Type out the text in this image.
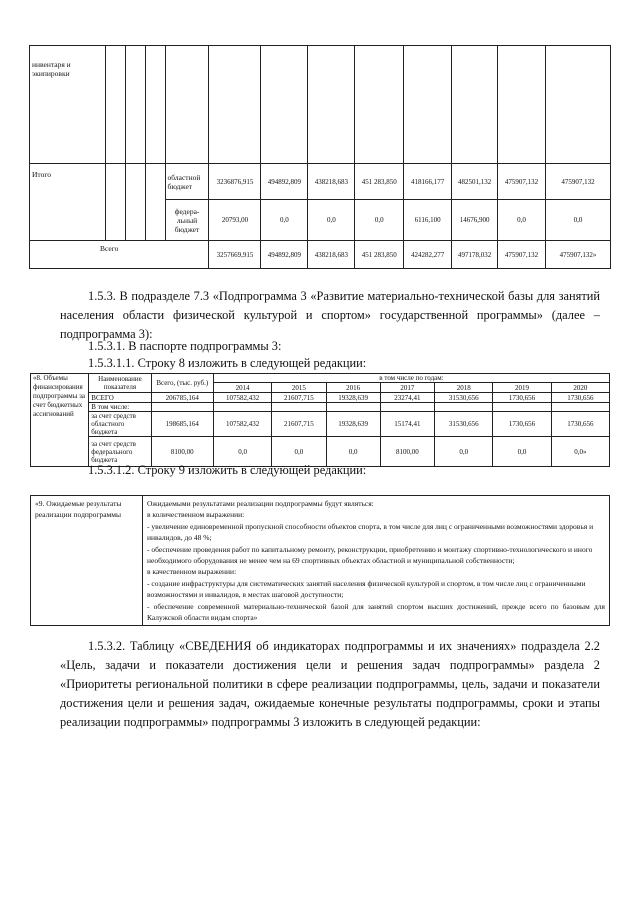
инвентаря и экипировки												
Итого				областной бюджет	3236876,915	494892,809	438218,683	451 283,850	418166,177	482501,132	475907,132	475907,132
				федера-льный бюджет	20793,00	0,0	0,0	0,0	6116,100	14676,900	0,0	0,0
Всего					3257669,915	494892,809	438218,683	451 283,850	424282,277	497178,032	475907,132	475907,132»
1.5.3. В подразделе 7.3 «Подпрограмма 3 «Развитие материально-технической базы для занятий населения области физической культурой и спортом» государственной программы» (далее – подпрограмма 3):
1.5.3.1. В паспорте подпрограммы 3:
1.5.3.1.1. Строку 8 изложить в следующей редакции:
«8. Объемы финансирования подпрограммы за счет бюджетных ассигнований	Наименование показателя	Всего, (тыс. руб.)	в том числе по годам:						
			2014	2015	2016	2017	2018	2019	2020
	ВСЕГО	206785,164	107582,432	21607,715	19328,639	23274,41	31530,656	1730,656	1730,656
	В том числе:								
	за счет средств областного бюджета	198685,164	107582,432	21607,715	19328,639	15174,41	31530,656	1730,656	1730,656
	за счет средств федерального бюджета	8100,00	0,0	0,0	0,0	8100,00	0,0	0,0	0,0»
1.5.3.1.2. Строку 9 изложить в следующей редакции:
«9. Ожидаемые результаты реализации подпрограммы	
Ожидаемыми результатами реализации подпрограммы будут являться:
в количественном выражении:
- увеличение единовременной пропускной способности объектов спорта, в том числе для лиц с ограниченными возможностями здоровья и инвалидов, до 48 %;
- обеспечение проведения работ по капитальному ремонту, реконструкции, приобретению и монтажу спортивно-технологического и иного необходимого оборудования не менее чем на 69 спортивных объектах областной и муниципальной собственности;
в качественном выражении:
- создание инфраструктуры для систематических занятий населения физической культурой и спортом, в том числе лиц с ограниченными возможностями и инвалидов, в местах шаговой доступности;
- обеспечение современной материально-технической базой для занятий спортом высших достижений, прежде всего по базовым для Калужской области видам спорта»
1.5.3.2. Таблицу «СВЕДЕНИЯ об индикаторах подпрограммы и их значениях» подраздела 2.2 «Цель, задачи и показатели достижения цели и решения задач подпрограммы» раздела 2 «Приоритеты региональной политики в сфере реализации подпрограммы, цель, задачи и показатели достижения цели и решения задач, ожидаемые конечные результаты подпрограммы, сроки и этапы реализации подпрограммы» подпрограммы 3 изложить в следующей редакции:
